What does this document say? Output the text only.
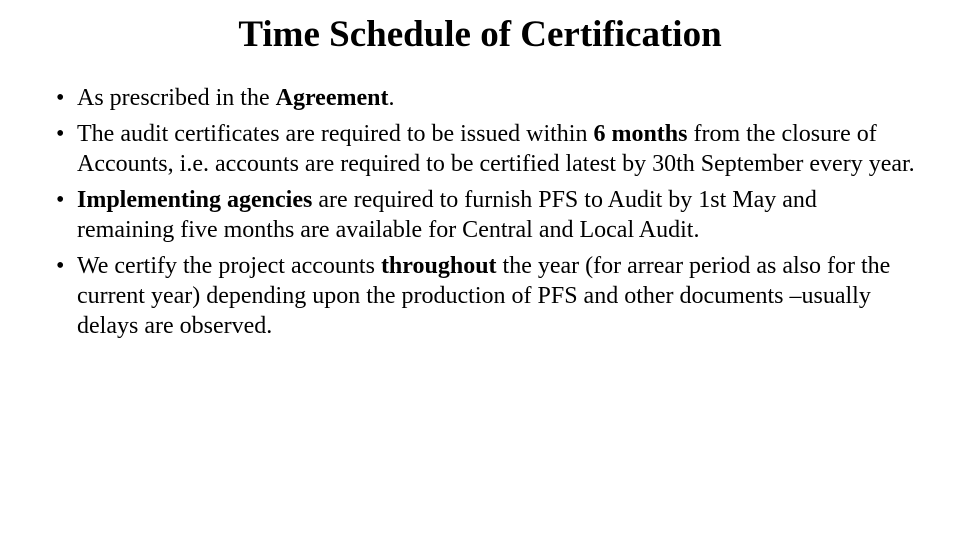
Time Schedule of Certification
• As prescribed in the Agreement.
• The audit certificates are required to be issued within 6 months from the closure of Accounts, i.e. accounts are required to be certified latest by 30th September every year.
• Implementing agencies are required to furnish PFS to Audit by 1st May and remaining five months are available for Central and Local Audit.
• We certify the project accounts throughout the year (for arrear period as also for the current year) depending upon the production of PFS and other documents –usually delays are observed.
